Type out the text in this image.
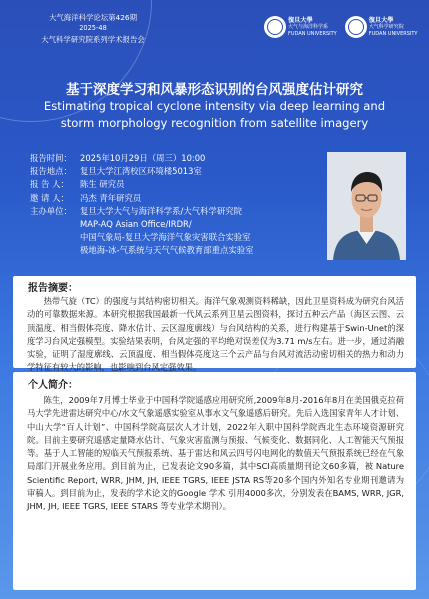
大气海洋科学论坛第426期
2025-48
大气科学研究院系列学术报告会
復旦大學
大气与海洋科学系
FUDAN UNIVERSITY
復旦大學
大气科学研究院
FUDAN UNIVERSITY
基于深度学习和风暴形态识别的台风强度估计研究
Estimating tropical cyclone intensity via deep learning and
storm morphology recognition from satellite imagery
报告时间： 2025年10月29日（周三）10:00
报告地点： 复旦大学江湾校区环境楼5013室
报 告 人：	陈生 研究员
邀 请 人：	冯杰 青年研究员
主办单位： 复旦大学大气与海洋科学系/大气科学研究院
MAP-AQ Asian Office/IRDR/
中国气象局-复旦大学海洋气象灾害联合实验室
极地海-冰-气系统与天气气候教育部重点实验室
报告摘要：
热带气旋（TC）的强度与其结构密切相关。海洋气象观测资料稀缺，因此卫星资料成为研究台风活动的可靠数据来源。本研究根据我国最新一代风云系列卫星云图资料，探讨五种云产品（海区云图、云顶温度、相当假体亮度、降水估计、云区湿度廓线）与台风结构的关系，进行构建基于Swin-Unet的深度学习台风定强模型。实验结果表明，台风定强的平均绝对误差仅为3.71 m/s左右。进一步，通过消融实验，证明了湿度廓线、云顶温度、相当假体亮度这三个云产品与台风对流活动密切相关的热力和动力学特征有较大的影响，也影响到台风定强效果。
个人简介：
陈生，2009年7月博士毕业于中国科学院遥感应用研究所,2009年8月-2016年8月在美国俄克拉荷马大学先进雷达研究中心/水文气象遥感实验室从事水文气象遥感后研究。先后入选国家青年人才计划、中山大学“百人计划”、中国科学院高层次人才计划，2022年入职中国科学院西北生态环境资源研究院。目前主要研究遥感定量降水估计、气象灾害监测与预报、气候变化、数据同化、人工智能天气预报等。基于人工智能的短临天气预报系统、基于雷达和风云四号闪电网化的数值天气预报系统已经在气象局部门开展业务应用。到目前为止，已发表论文90多篇，其中SCI高质量期刊论文60多篇，被 Nature Scientific Report, WRR, JHM, JH, IEEE TGRS, IEEE JSTA RS等20多个国内外知名专业期刊邀请为审稿人。到目前为止，发表的学术论文的Google 学术 引用4000多次，分别发表在BAMS, WRR, JGR, JHM, JH, IEEE TGRS, IEEE STARS 等专业学术期刊）。
